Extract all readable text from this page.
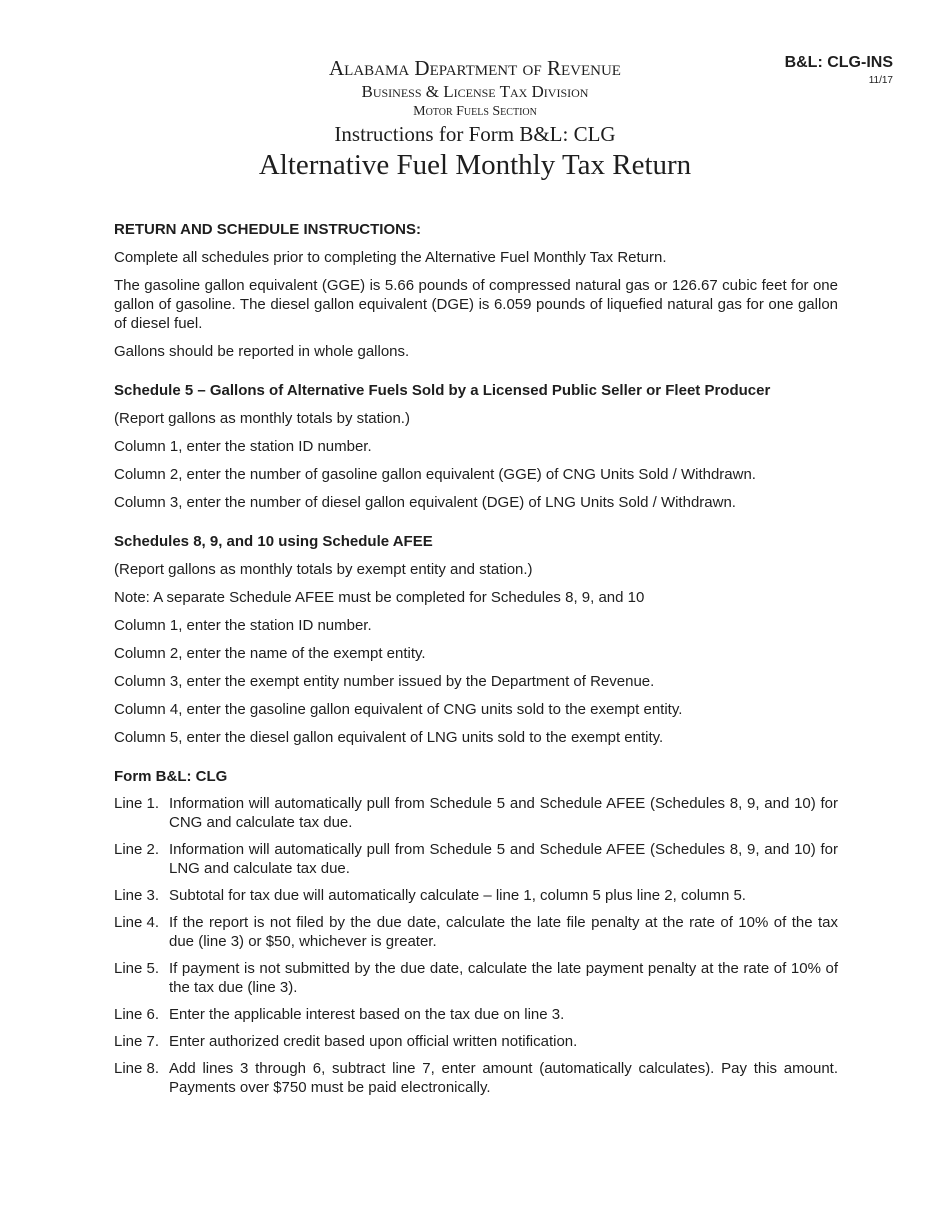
B&L: CLG-INS
11/17
Alabama Department of Revenue
Business & License Tax Division
Motor Fuels Section
Instructions for Form B&L: CLG
Alternative Fuel Monthly Tax Return

RETURN AND SCHEDULE INSTRUCTIONS:

Complete all schedules prior to completing the Alternative Fuel Monthly Tax Return.

The gasoline gallon equivalent (GGE) is 5.66 pounds of compressed natural gas or 126.67 cubic feet for one gallon of gasoline. The diesel gallon equivalent (DGE) is 6.059 pounds of liquefied natural gas for one gallon of diesel fuel.

Gallons should be reported in whole gallons.

Schedule 5 – Gallons of Alternative Fuels Sold by a Licensed Public Seller or Fleet Producer

(Report gallons as monthly totals by station.)

Column 1, enter the station ID number.

Column 2, enter the number of gasoline gallon equivalent (GGE) of CNG Units Sold / Withdrawn.

Column 3, enter the number of diesel gallon equivalent (DGE) of LNG Units Sold / Withdrawn.

Schedules 8, 9, and 10 using Schedule AFEE

(Report gallons as monthly totals by exempt entity and station.)

Note: A separate Schedule AFEE must be completed for Schedules 8, 9, and 10

Column 1, enter the station ID number.

Column 2, enter the name of the exempt entity.

Column 3, enter the exempt entity number issued by the Department of Revenue.

Column 4, enter the gasoline gallon equivalent of CNG units sold to the exempt entity.

Column 5, enter the diesel gallon equivalent of LNG units sold to the exempt entity.

Form B&L: CLG

Line 1. Information will automatically pull from Schedule 5 and Schedule AFEE (Schedules 8, 9, and 10) for CNG and calculate tax due.
Line 2. Information will automatically pull from Schedule 5 and Schedule AFEE (Schedules 8, 9, and 10) for LNG and calculate tax due.
Line 3. Subtotal for tax due will automatically calculate – line 1, column 5 plus line 2, column 5.
Line 4. If the report is not filed by the due date, calculate the late file penalty at the rate of 10% of the tax due (line 3) or $50, whichever is greater.
Line 5. If payment is not submitted by the due date, calculate the late payment penalty at the rate of 10% of the tax due (line 3).
Line 6. Enter the applicable interest based on the tax due on line 3.
Line 7. Enter authorized credit based upon official written notification.
Line 8. Add lines 3 through 6, subtract line 7, enter amount (automatically calculates). Pay this amount. Payments over $750 must be paid electronically.
